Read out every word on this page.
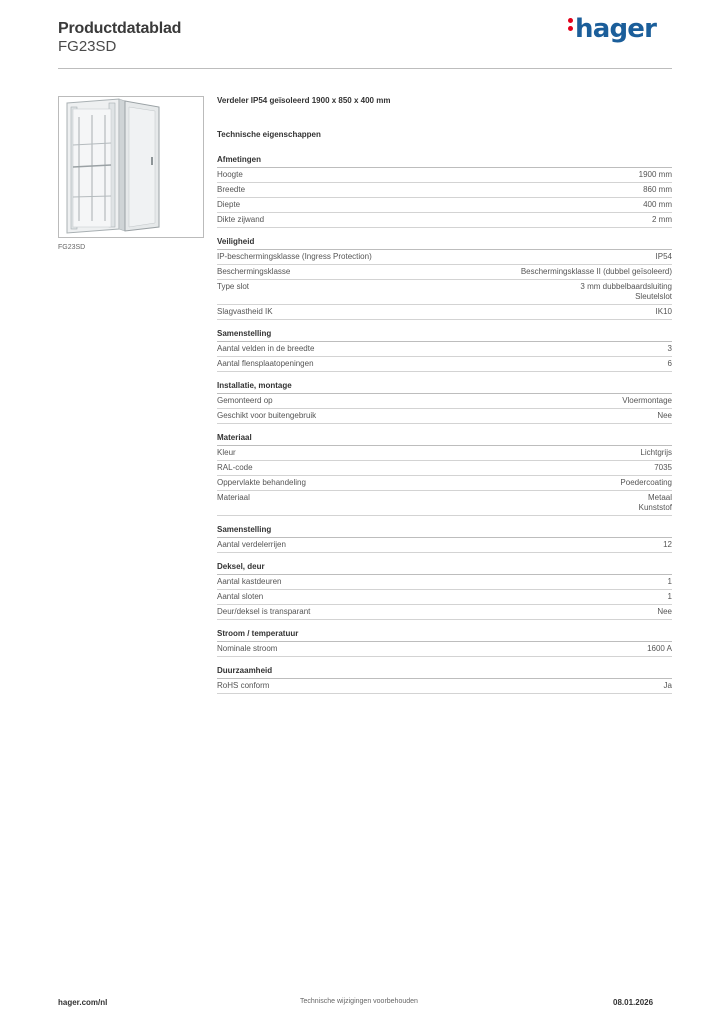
Productdatablad
FG23SD
hager
FG23SD
Verdeler IP54 geïsoleerd 1900 x 850 x 400 mm
Technische eigenschappen
Afmetingen
Hoogte	1900 mm
Breedte	860 mm
Diepte	400 mm
Dikte zijwand	2 mm
Veiligheid
IP-beschermingsklasse (Ingress Protection)	IP54
Beschermingsklasse	Beschermingsklasse II (dubbel geïsoleerd)
Type slot	3 mm dubbelbaardsluiting
Sleutelslot
Slagvastheid IK	IK10
Samenstelling
Aantal velden in de breedte	3
Aantal flensplaatopeningen	6
Installatie, montage
Gemonteerd op	Vloermontage
Geschikt voor buitengebruik	Nee
Materiaal
Kleur	Lichtgrijs
RAL-code	7035
Oppervlakte behandeling	Poedercoating
Materiaal	Metaal
Kunststof
Samenstelling
Aantal verdelerrijen	12
Deksel, deur
Aantal kastdeuren	1
Aantal sloten	1
Deur/deksel is transparant	Nee
Stroom / temperatuur
Nominale stroom	1600 A
Duurzaamheid
RoHS conform	Ja
hager.com/nl	Technische wijzigingen voorbehouden	08.01.2026
